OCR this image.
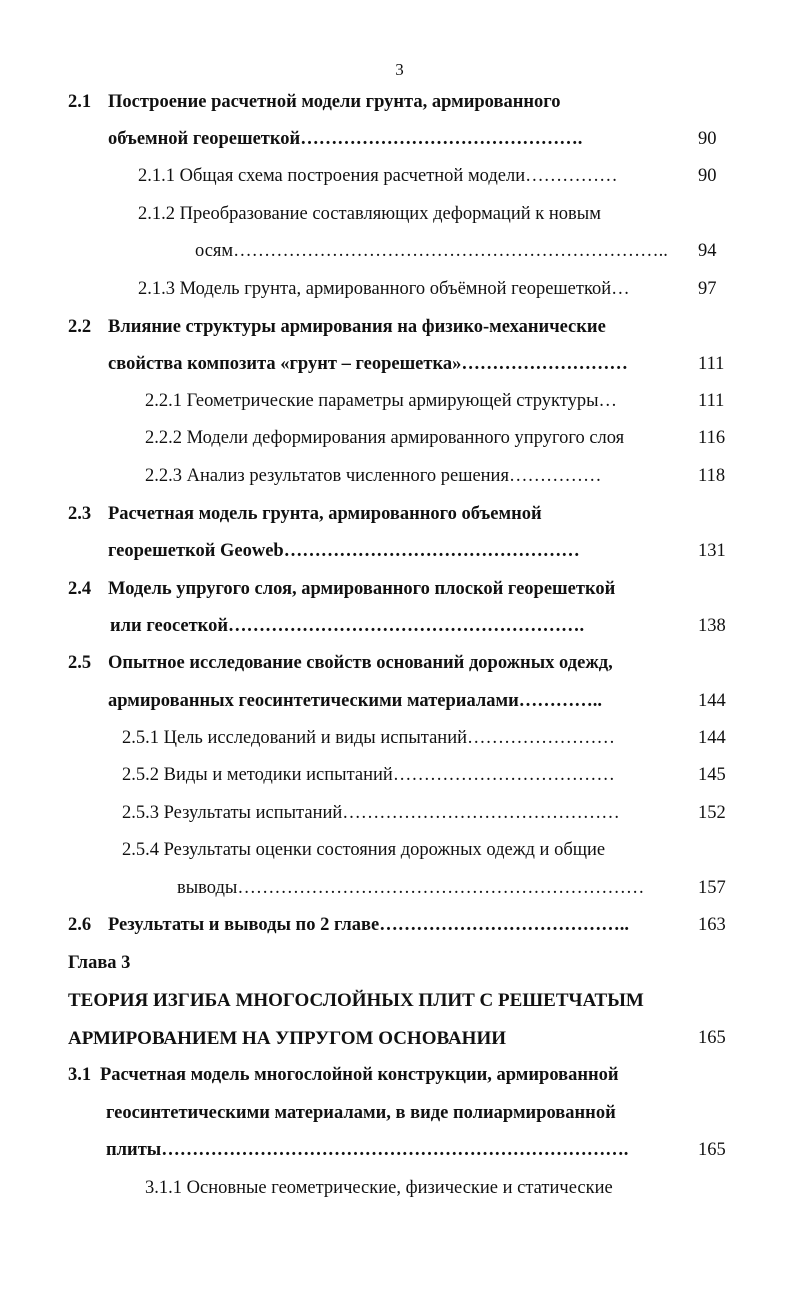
3
2.1 Построение расчетной модели грунта, армированного
объемной георешеткой……………………………………….	90
2.1.1 Общая схема построения расчетной модели……………	90
2.1.2 Преобразование составляющих деформаций к новым
осям…………………………………………………………….. 94
2.1.3 Модель грунта, армированного объёмной георешеткой…	97
2.2 Влияние структуры армирования на физико-механические
свойства композита «грунт – георешетка»………………………	111
2.2.1 Геометрические параметры армирующей структуры…	111
2.2.2 Модели деформирования армированного упругого слоя	116
2.2.3 Анализ результатов численного решения……………	118
2.3 Расчетная модель грунта, армированного объемной
георешеткой Geoweb…………………………………………	131
2.4 Модель упругого слоя, армированного плоской георешеткой
или геосеткой………………………………………………….	138
2.5 Опытное исследование свойств оснований дорожных одежд,
армированных геосинтетическими материалами…………..	144
2.5.1 Цель исследований и виды испытаний……………………	144
2.5.2 Виды и методики испытаний………………………………	145
2.5.3 Результаты испытаний………………………………………	152
2.5.4 Результаты оценки состояния дорожных одежд и общие
выводы…………………………………………………………	157
2.6 Результаты и выводы по 2 главе…………………………………..	163
Глава 3
ТЕОРИЯ ИЗГИБА МНОГОСЛОЙНЫХ ПЛИТ С РЕШЕТЧАТЫМ
АРМИРОВАНИЕМ НА УПРУГОМ ОСНОВАНИИ	165
3.1 Расчетная модель многослойной конструкции, армированной
геосинтетическими материалами, в виде полиармированной
плиты………………………………………………………………….	165
3.1.1 Основные геометрические, физические и статические
